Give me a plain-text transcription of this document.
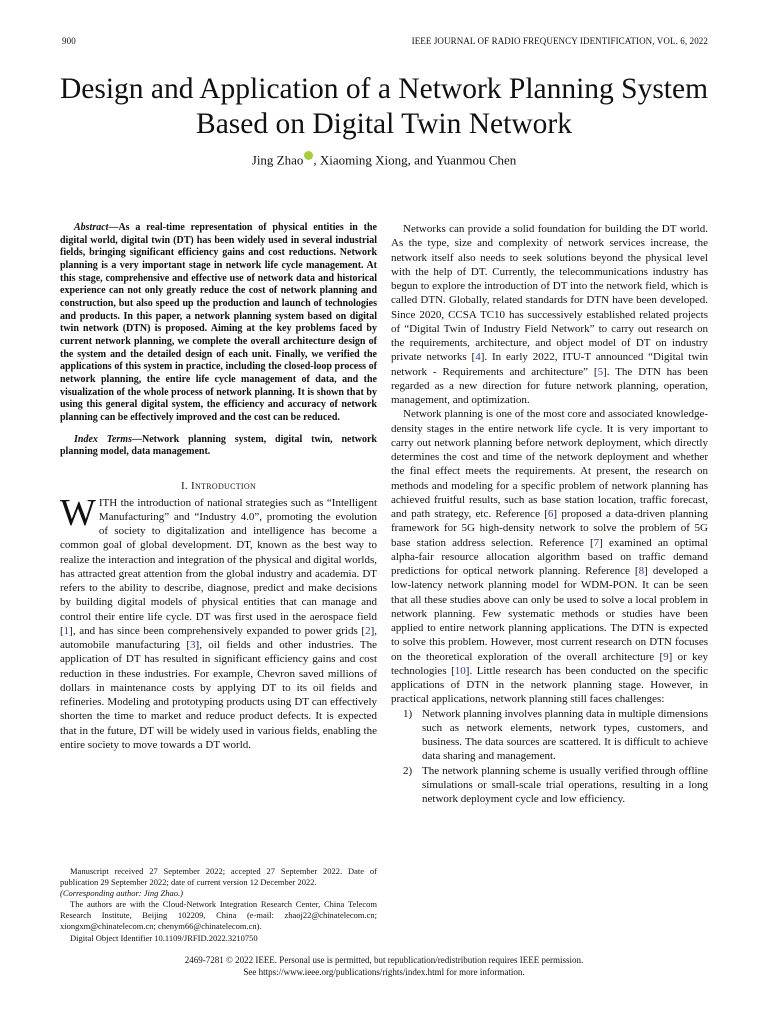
900	IEEE JOURNAL OF RADIO FREQUENCY IDENTIFICATION, VOL. 6, 2022
Design and Application of a Network Planning System Based on Digital Twin Network
Jing Zhao , Xiaoming Xiong, and Yuanmou Chen

Abstract—As a real-time representation of physical entities in the digital world, digital twin (DT) has been widely used in several industrial fields, bringing significant efficiency gains and cost reductions. Network planning is a very important stage in network life cycle management. At this stage, comprehensive and effective use of network data and historical experience can not only greatly reduce the cost of network planning and construction, but also speed up the production and launch of technologies and products. In this paper, a network planning system based on digital twin network (DTN) is proposed. Aiming at the key problems faced by current network planning, we complete the overall architecture design of the system and the detailed design of each unit. Finally, we verified the applications of this system in practice, including the closed-loop process of network planning, the entire life cycle management of data, and the visualization of the whole process of network planning. It is shown that by using this general digital system, the efficiency and accuracy of network planning can be effectively improved and the cost can be reduced.

Index Terms—Network planning system, digital twin, network planning model, data management.

I. Introduction

WITH the introduction of national strategies such as “Intelligent Manufacturing” and “Industry 4.0”, promoting the evolution of society to digitalization and intelligence has become a common goal of global development. DT, known as the best way to realize the interaction and integration of the physical and digital worlds, has attracted great attention from the global industry and academia. DT refers to the ability to describe, diagnose, predict and make decisions by building digital models of physical entities that can manage and control their entire life cycle. DT was first used in the aerospace field [1], and has since been comprehensively expanded to power grids [2], automobile manufacturing [3], oil fields and other industries. The application of DT has resulted in significant efficiency gains and cost reduction in these industries. For example, Chevron saved millions of dollars in maintenance costs by applying DT to its oil fields and refineries. Modeling and prototyping products using DT can effectively shorten the time to market and reduce product defects. It is expected that in the future, DT will be widely used in various fields, enabling the entire society to move towards a DT world.

Manuscript received 27 September 2022; accepted 27 September 2022. Date of publication 29 September 2022; date of current version 12 December 2022.

(Corresponding author: Jing Zhao.)

The authors are with the Cloud-Network Integration Research Center, China Telecom Research Institute, Beijing 102209, China (e-mail: zhaoj22@chinatelecom.cn; xiongxm@chinatelecom.cn; chenym66@chinatelecom.cn).

Digital Object Identifier 10.1109/JRFID.2022.3210750

Networks can provide a solid foundation for building the DT world. As the type, size and complexity of network services increase, the network itself also needs to seek solutions beyond the physical level with the help of DT. Currently, the telecommunications industry has begun to explore the introduction of DT into the network field, which is called DTN. Globally, related standards for DTN have been developed. Since 2020, CCSA TC10 has successively established related projects of “Digital Twin of Industry Field Network” to carry out research on the requirements, architecture, and object model of DT on industry private networks [4]. In early 2022, ITU-T announced “Digital twin network - Requirements and architecture” [5]. The DTN has been regarded as a new direction for future network planning, operation, management, and optimization.

Network planning is one of the most core and associated knowledge-density stages in the entire network life cycle. It is very important to carry out network planning before network deployment, which directly determines the cost and time of the network deployment and whether the final effect meets the requirements. At present, the research on methods and modeling for a specific problem of network planning has achieved fruitful results, such as base station location, traffic forecast, and path strategy, etc. Reference [6] proposed a data-driven planning framework for 5G high-density network to solve the problem of 5G base station address selection. Reference [7] examined an optimal alpha-fair resource allocation algorithm based on traffic demand predictions for optical network planning. Reference [8] developed a low-latency network planning model for WDM-PON. It can be seen that all these studies above can only be used to solve a local problem in network planning. Few systematic methods or studies have been applied to entire network planning applications. The DTN is expected to solve this problem. However, most current research on DTN focuses on the theoretical exploration of the overall architecture [9] or key technologies [10]. Little research has been conducted on the specific applications of DTN in the network planning stage. However, in practical applications, network planning still faces challenges:

1) Network planning involves planning data in multiple dimensions such as network elements, network types, customers, and business. The data sources are scattered. It is difficult to achieve data sharing and management.
2) The network planning scheme is usually verified through offline simulations or small-scale trial operations, resulting in a long network deployment cycle and low efficiency.
2469-7281 © 2022 IEEE. Personal use is permitted, but republication/redistribution requires IEEE permission.
See https://www.ieee.org/publications/rights/index.html for more information.
